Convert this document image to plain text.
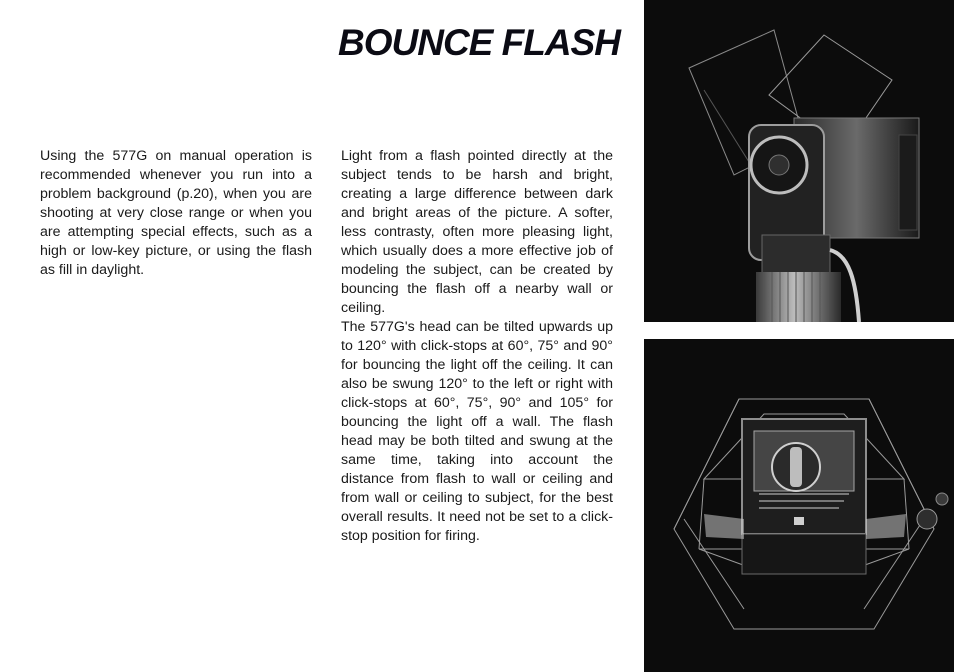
BOUNCE FLASH

Using the 577G on manual operation is recommended whenever you run into a problem background (p.20), when you are shooting at very close range or when you are attempting special effects, such as a high or low-key picture, or using the flash as fill in daylight.

Light from a flash pointed directly at the subject tends to be harsh and bright, creating a large difference between dark and bright areas of the picture. A softer, less contrasty, often more pleasing light, which usually does a more effective job of modeling the subject, can be created by bouncing the flash off a nearby wall or ceiling.

The 577G's head can be tilted upwards up to 120° with click-stops at 60°, 75° and 90° for bouncing the light off the ceiling. It can also be swung 120° to the left or right with click-stops at 60°, 75°, 90° and 105° for bouncing the light off a wall. The flash head may be both tilted and swung at the same time, taking into account the distance from flash to wall or ceiling and from wall or ceiling to subject, for the best overall results. It need not be set to a click-stop position for firing.
